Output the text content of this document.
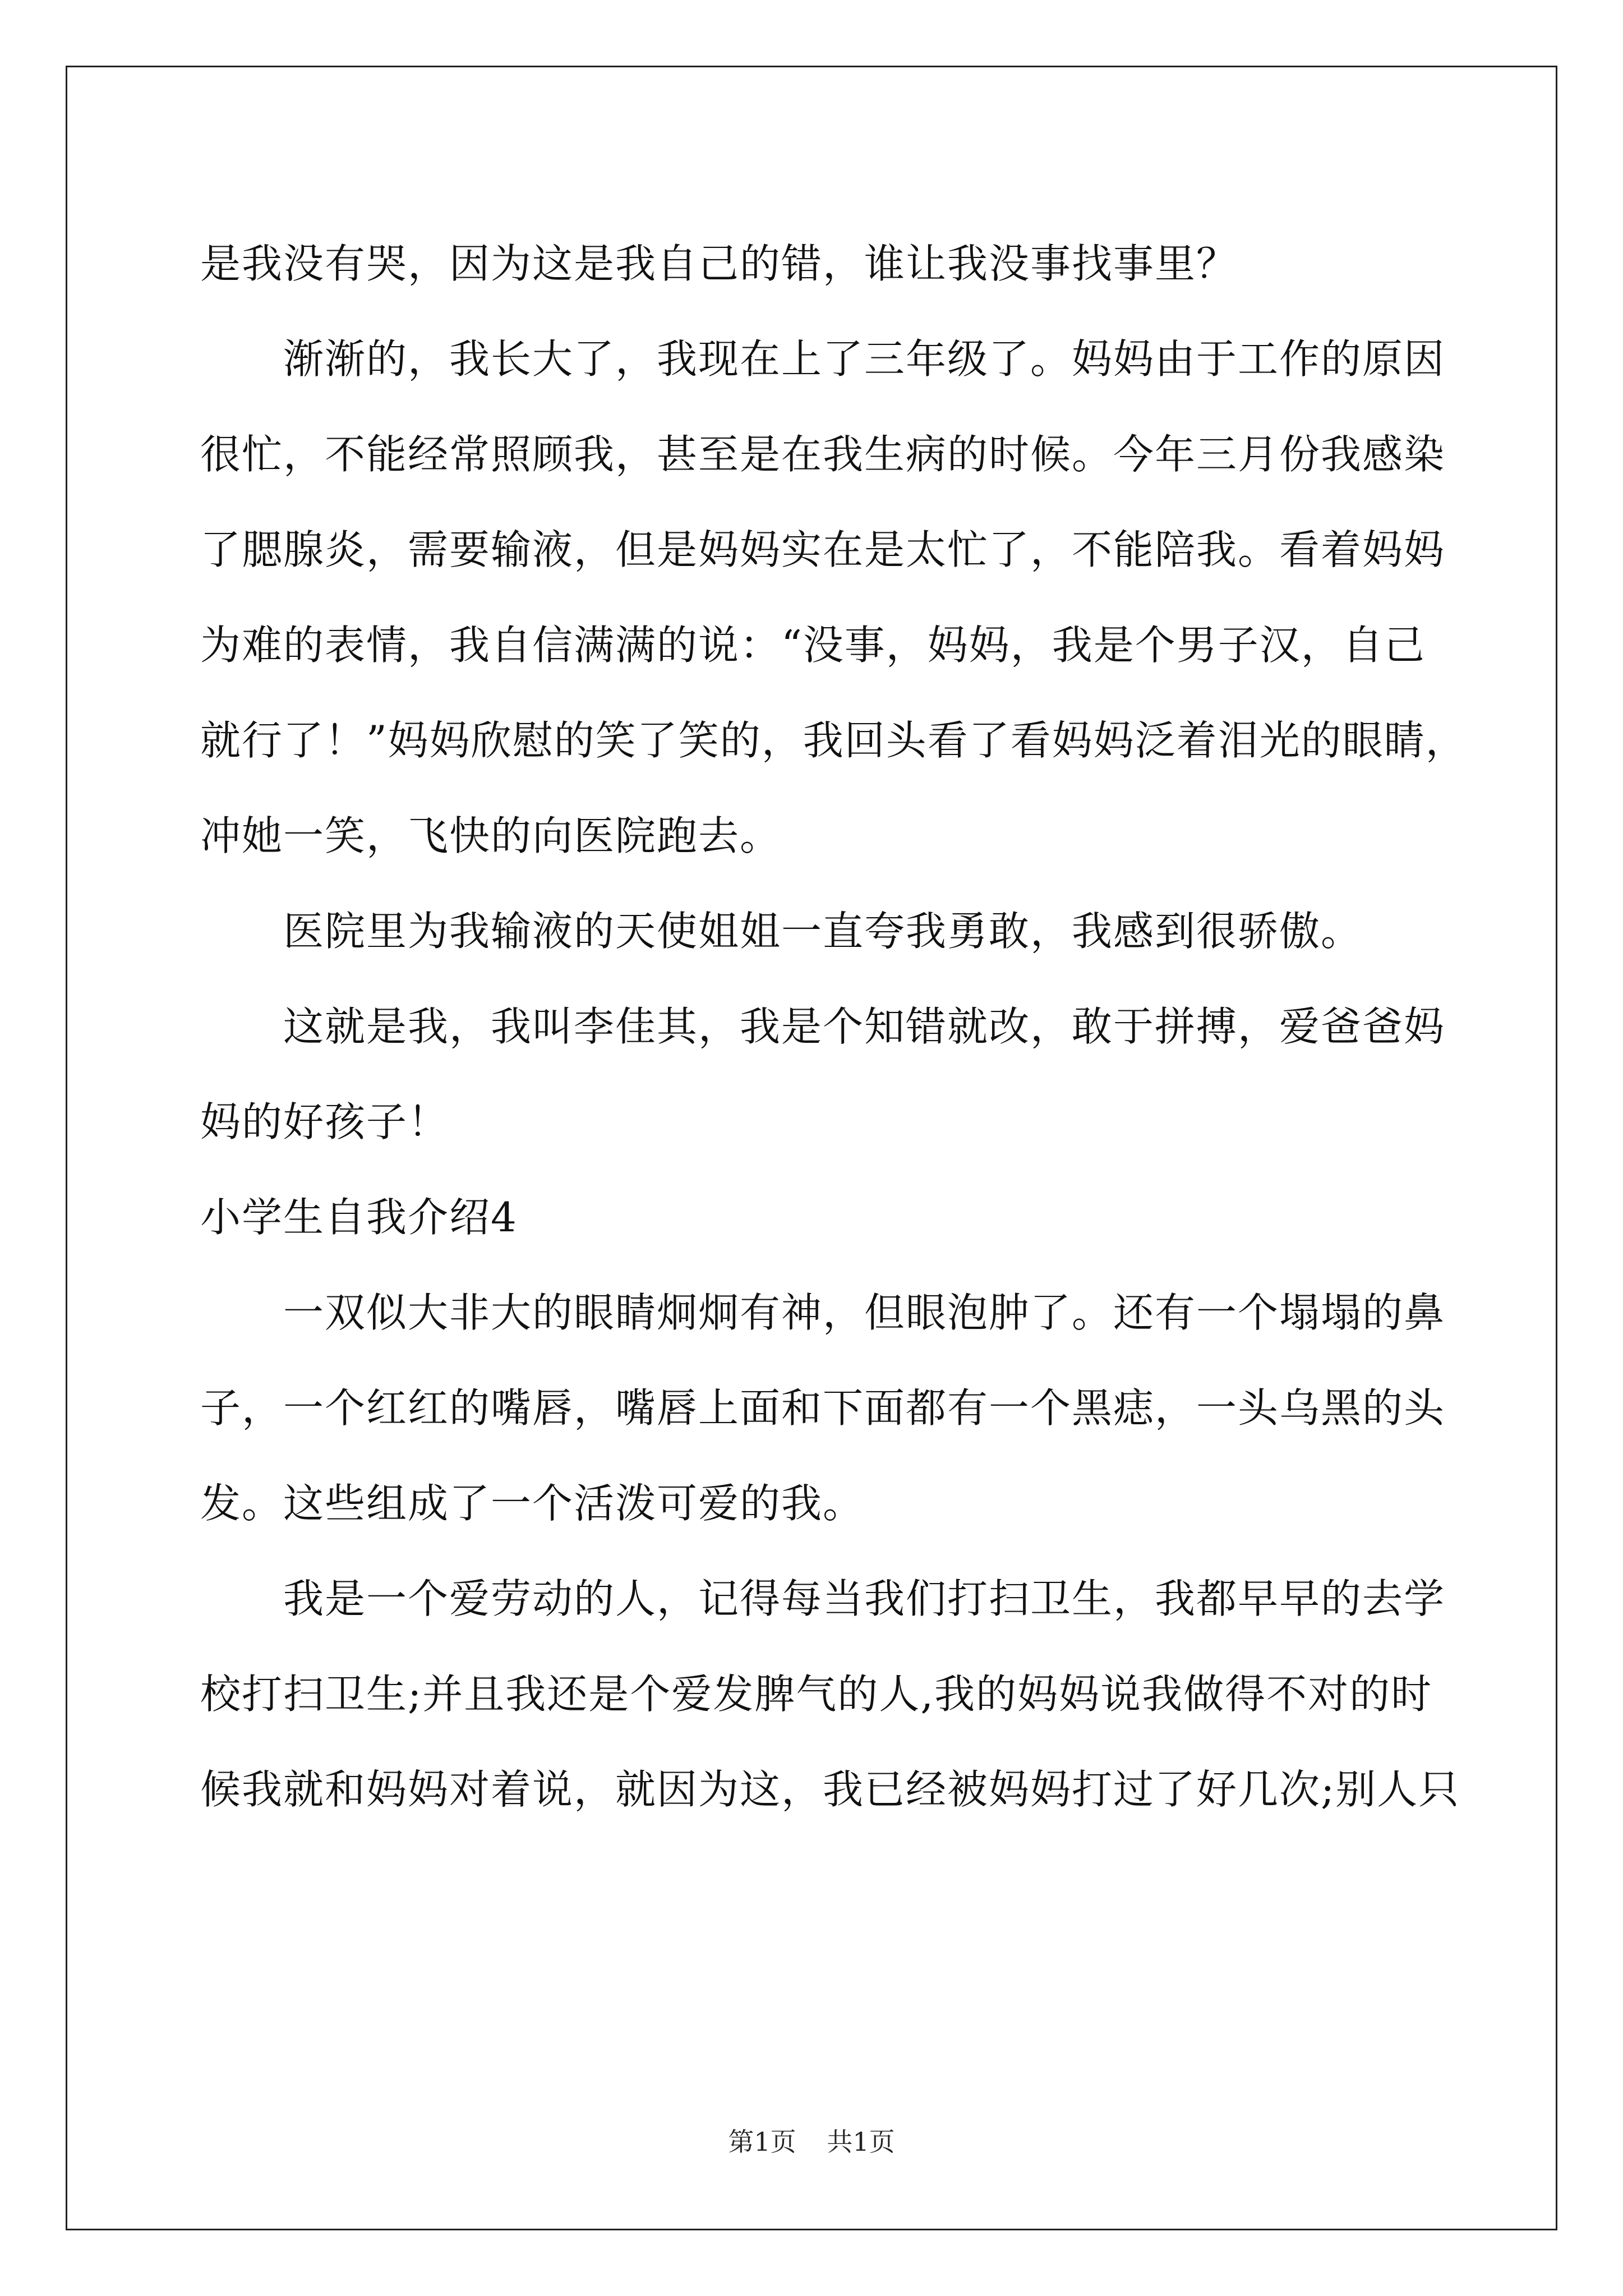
是我没有哭，因为这是我自己的错，谁让我没事找事里？
　　渐渐的，我长大了，我现在上了三年级了。妈妈由于工作的原因
很忙，不能经常照顾我，甚至是在我生病的时候。今年三月份我感染
了腮腺炎，需要输液，但是妈妈实在是太忙了，不能陪我。看着妈妈
为难的表情，我自信满满的说：“没事，妈妈，我是个男子汉，自己
就行了！”妈妈欣慰的笑了笑的，我回头看了看妈妈泛着泪光的眼睛，
冲她一笑，飞快的向医院跑去。
　　医院里为我输液的天使姐姐一直夸我勇敢，我感到很骄傲。
　　这就是我，我叫李佳其，我是个知错就改，敢于拼搏，爱爸爸妈
妈的好孩子！
小学生自我介绍4
　　一双似大非大的眼睛炯炯有神，但眼泡肿了。还有一个塌塌的鼻
子，一个红红的嘴唇，嘴唇上面和下面都有一个黑痣，一头乌黑的头
发。这些组成了一个活泼可爱的我。
　　我是一个爱劳动的人，记得每当我们打扫卫生，我都早早的去学
校打扫卫生;并且我还是个爱发脾气的人,我的妈妈说我做得不对的时
候我就和妈妈对着说，就因为这，我已经被妈妈打过了好几次;别人只
第1页 共1页
